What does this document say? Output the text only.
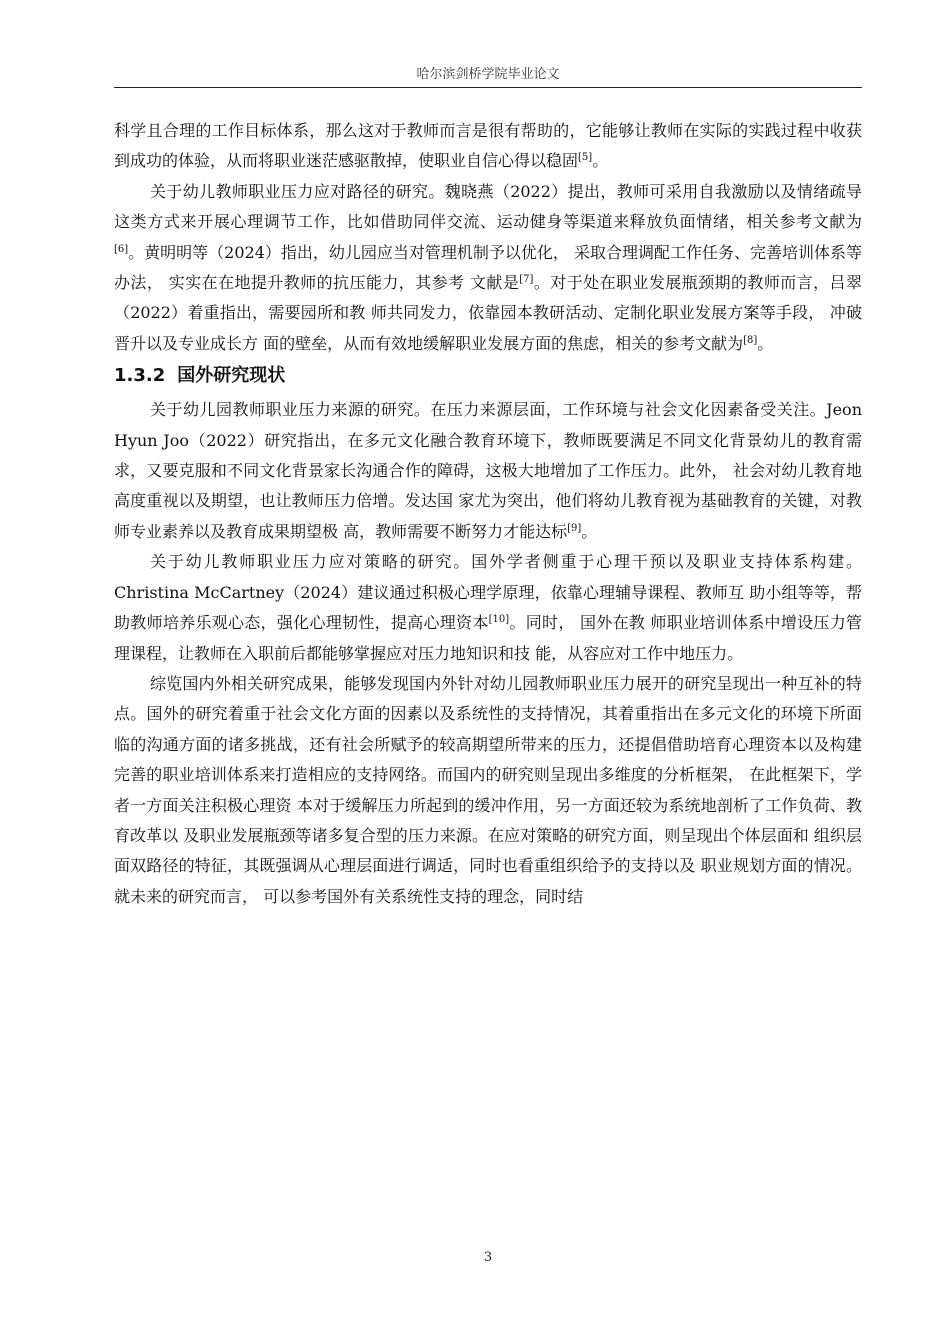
哈尔滨剑桥学院毕业论文

科学且合理的工作目标体系，那么这对于教师而言是很有帮助的，它能够让教师在实际的实践过程中收获到成功的体验，从而将职业迷茫感驱散掉，使职业自信心得以稳固[5]。

关于幼儿教师职业压力应对路径的研究。魏晓燕（2022）提出，教师可采用自我激励以及情绪疏导这类方式来开展心理调节工作，比如借助同伴交流、运动健身等渠道来释放负面情绪，相关参考文献为[6]。黄明明等（2024）指出，幼儿园应当对管理机制予以优化， 采取合理调配工作任务、完善培训体系等办法， 实实在在地提升教师的抗压能力，其参考 文献是[7]。对于处在职业发展瓶颈期的教师而言，吕翠（2022）着重指出，需要园所和教 师共同发力，依靠园本教研活动、定制化职业发展方案等手段， 冲破晋升以及专业成长方 面的壁垒，从而有效地缓解职业发展方面的焦虑，相关的参考文献为[8]。

1.3.2 国外研究现状

关于幼儿园教师职业压力来源的研究。在压力来源层面，工作环境与社会文化因素备受关注。Jeon Hyun Joo（2022）研究指出，在多元文化融合教育环境下，教师既要满足不同文化背景幼儿的教育需求，又要克服和不同文化背景家长沟通合作的障碍，这极大地增加了工作压力。此外， 社会对幼儿教育地高度重视以及期望，也让教师压力倍增。发达国 家尤为突出，他们将幼儿教育视为基础教育的关键，对教师专业素养以及教育成果期望极 高，教师需要不断努力才能达标[9]。

关于幼儿教师职业压力应对策略的研究。国外学者侧重于心理干预以及职业支持体系构建。Christina McCartney（2024）建议通过积极心理学原理，依靠心理辅导课程、教师互 助小组等等，帮助教师培养乐观心态，强化心理韧性，提高心理资本[10]。同时， 国外在教 师职业培训体系中增设压力管理课程，让教师在入职前后都能够掌握应对压力地知识和技 能，从容应对工作中地压力。

综览国内外相关研究成果，能够发现国内外针对幼儿园教师职业压力展开的研究呈现出一种互补的特点。国外的研究着重于社会文化方面的因素以及系统性的支持情况，其着重指出在多元文化的环境下所面临的沟通方面的诸多挑战，还有社会所赋予的较高期望所带来的压力，还提倡借助培育心理资本以及构建完善的职业培训体系来打造相应的支持网络。而国内的研究则呈现出多维度的分析框架， 在此框架下，学者一方面关注积极心理资 本对于缓解压力所起到的缓冲作用，另一方面还较为系统地剖析了工作负荷、教育改革以 及职业发展瓶颈等诸多复合型的压力来源。在应对策略的研究方面，则呈现出个体层面和 组织层面双路径的特征，其既强调从心理层面进行调适，同时也看重组织给予的支持以及 职业规划方面的情况。就未来的研究而言， 可以参考国外有关系统性支持的理念，同时结

3
